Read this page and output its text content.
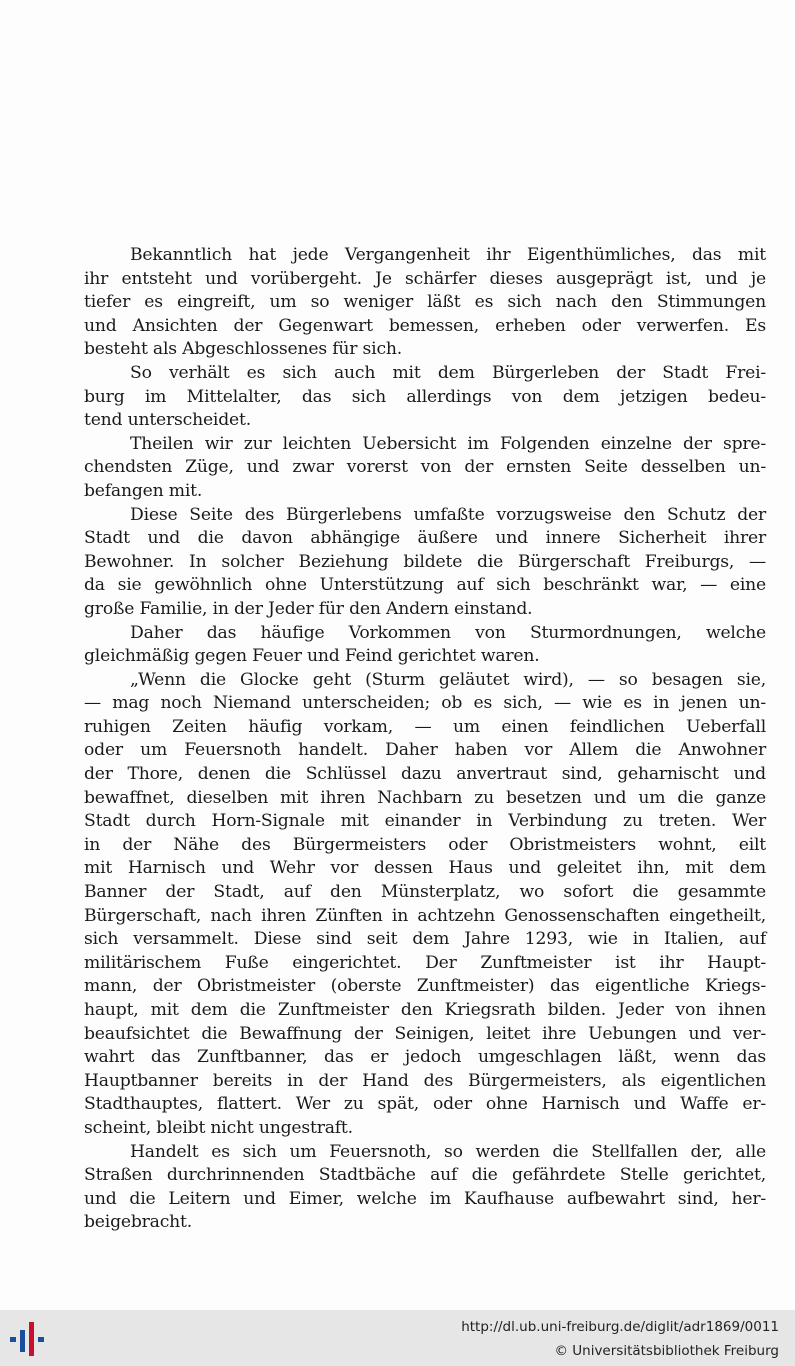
Bekanntlich hat jede Vergangenheit ihr Eigenthümliches, das mit
ihr entsteht und vorübergeht. Je schärfer dieses ausgeprägt ist, und je
tiefer es eingreift, um so weniger läßt es sich nach den Stimmungen
und Ansichten der Gegenwart bemessen, erheben oder verwerfen. Es
besteht als Abgeschlossenes für sich.
So verhält es sich auch mit dem Bürgerleben der Stadt Frei-
burg im Mittelalter, das sich allerdings von dem jetzigen bedeu-
tend unterscheidet.
Theilen wir zur leichten Uebersicht im Folgenden einzelne der spre-
chendsten Züge, und zwar vorerst von der ernsten Seite desselben un-
befangen mit.
Diese Seite des Bürgerlebens umfaßte vorzugsweise den Schutz der
Stadt und die davon abhängige äußere und innere Sicherheit ihrer
Bewohner. In solcher Beziehung bildete die Bürgerschaft Freiburgs, —
da sie gewöhnlich ohne Unterstützung auf sich beschränkt war, — eine
große Familie, in der Jeder für den Andern einstand.
Daher das häufige Vorkommen von Sturmordnungen, welche
gleichmäßig gegen Feuer und Feind gerichtet waren.
„Wenn die Glocke geht (Sturm geläutet wird), — so besagen sie,
— mag noch Niemand unterscheiden; ob es sich, — wie es in jenen un-
ruhigen Zeiten häufig vorkam, — um einen feindlichen Ueberfall
oder um Feuersnoth handelt. Daher haben vor Allem die Anwohner
der Thore, denen die Schlüssel dazu anvertraut sind, geharnischt und
bewaffnet, dieselben mit ihren Nachbarn zu besetzen und um die ganze
Stadt durch Horn-Signale mit einander in Verbindung zu treten. Wer
in der Nähe des Bürgermeisters oder Obristmeisters wohnt, eilt
mit Harnisch und Wehr vor dessen Haus und geleitet ihn, mit dem
Banner der Stadt, auf den Münsterplatz, wo sofort die gesammte
Bürgerschaft, nach ihren Zünften in achtzehn Genossenschaften eingetheilt,
sich versammelt. Diese sind seit dem Jahre 1293, wie in Italien, auf
militärischem Fuße eingerichtet. Der Zunftmeister ist ihr Haupt-
mann, der Obristmeister (oberste Zunftmeister) das eigentliche Kriegs-
haupt, mit dem die Zunftmeister den Kriegsrath bilden. Jeder von ihnen
beaufsichtet die Bewaffnung der Seinigen, leitet ihre Uebungen und ver-
wahrt das Zunftbanner, das er jedoch umgeschlagen läßt, wenn das
Hauptbanner bereits in der Hand des Bürgermeisters, als eigentlichen
Stadthauptes, flattert. Wer zu spät, oder ohne Harnisch und Waffe er-
scheint, bleibt nicht ungestraft.
Handelt es sich um Feuersnoth, so werden die Stellfallen der, alle
Straßen durchrinnenden Stadtbäche auf die gefährdete Stelle gerichtet,
und die Leitern und Eimer, welche im Kaufhause aufbewahrt sind, her-
beigebracht.
http://dl.ub.uni-freiburg.de/diglit/adr1869/0011
© Universitätsbibliothek Freiburg
